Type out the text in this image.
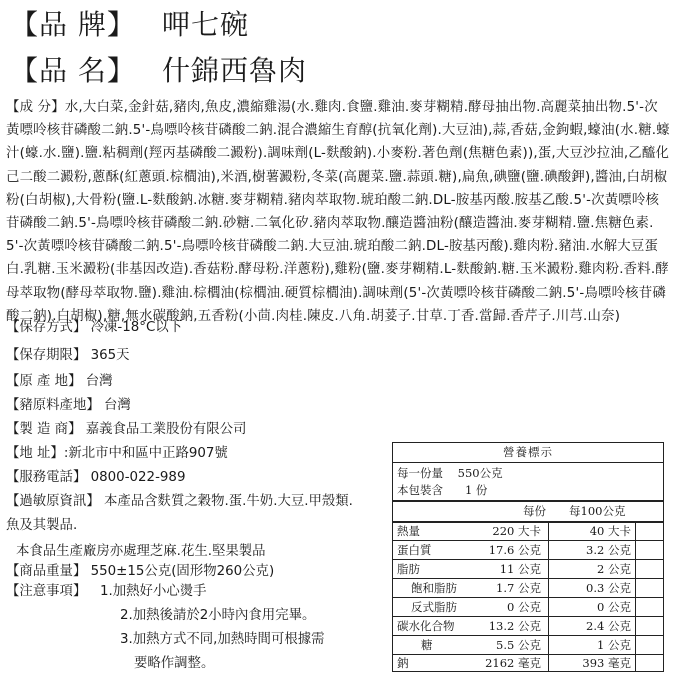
【品 牌】 呷七碗
【品 名】 什錦西魯肉
【成 分】水,大白菜,金針菇,豬肉,魚皮,濃縮雞湯(水.雞肉.食鹽.雞油.麥芽糊精.酵母抽出物.高麗菜抽出物.5'-次黃嘌呤核苷磷酸二鈉.5'-鳥嘌呤核苷磷酸二鈉.混合濃縮生育醇(抗氧化劑).大豆油),蒜,香菇,金鉤蝦,蠔油(水.糖.蠔汁(蠔.水.鹽).鹽.粘稠劑(羥丙基磷酸二澱粉).調味劑(L-麩酸鈉).小麥粉.著色劑(焦糖色素)),蛋,大豆沙拉油,乙醯化己二酸二澱粉,蔥酥(紅蔥頭.棕櫚油),米酒,樹薯澱粉,冬菜(高麗菜.鹽.蒜頭.糖),扁魚,碘鹽(鹽.碘酸鉀),醬油,白胡椒粉(白胡椒),大骨粉(鹽.L-麩酸鈉.冰糖.麥芽糊精.豬肉萃取物.琥珀酸二鈉.DL-胺基丙酸.胺基乙酸.5'-次黃嘌呤核苷磷酸二鈉.5'-鳥嘌呤核苷磷酸二鈉.砂糖.二氧化矽.豬肉萃取物.釀造醬油粉(釀造醬油.麥芽糊精.鹽.焦糖色素.5'-次黃嘌呤核苷磷酸二鈉.5'-鳥嘌呤核苷磷酸二鈉.大豆油.琥珀酸二鈉.DL-胺基丙酸).雞肉粉.豬油.水解大豆蛋白.乳糖.玉米澱粉(非基因改造).香菇粉.酵母粉.洋蔥粉),雞粉(鹽.麥芽糊精.L-麩酸鈉.糖.玉米澱粉.雞肉粉.香料.酵母萃取物(酵母萃取物.鹽).雞油.棕櫚油(棕櫚油.硬質棕櫚油).調味劑(5'-次黃嘌呤核苷磷酸二鈉.5'-鳥嘌呤核苷磷酸二鈉).白胡椒),糖,無水碳酸鈉,五香粉(小茴.肉桂.陳皮.八角.胡荽子.甘草.丁香.當歸.香芹子.川芎.山奈)
【保存方式】 冷凍-18°C以下
【保存期限】 365天
【原 產 地】 台灣
【豬原料產地】 台灣
【製 造 商】 嘉義食品工業股份有限公司
【地 址】:新北市中和區中正路907號
【服務電話】 0800-022-989
【過敏原資訊】 本產品含麩質之穀物.蛋.牛奶.大豆.甲殼類.
魚及其製品.
本食品生產廠房亦處理芝麻.花生.堅果製品
【商品重量】 550±15公克(固形物260公克)
【注意事項】 1.加熱好小心燙手
2.加熱後請於2小時內食用完畢。
3.加熱方式不同,加熱時間可根據需
要略作調整。
營養標示
每一份量 550公克
本包裝含 1 份
每份 每100公克
熱量	220 大卡	40 大卡
蛋白質	17.6 公克	3.2 公克
脂肪	11 公克	2 公克
飽和脂肪	1.7 公克	0.3 公克
反式脂肪	0 公克	0 公克
碳水化合物	13.2 公克	2.4 公克
糖	5.5 公克	1 公克
鈉	2162 毫克	393 毫克
